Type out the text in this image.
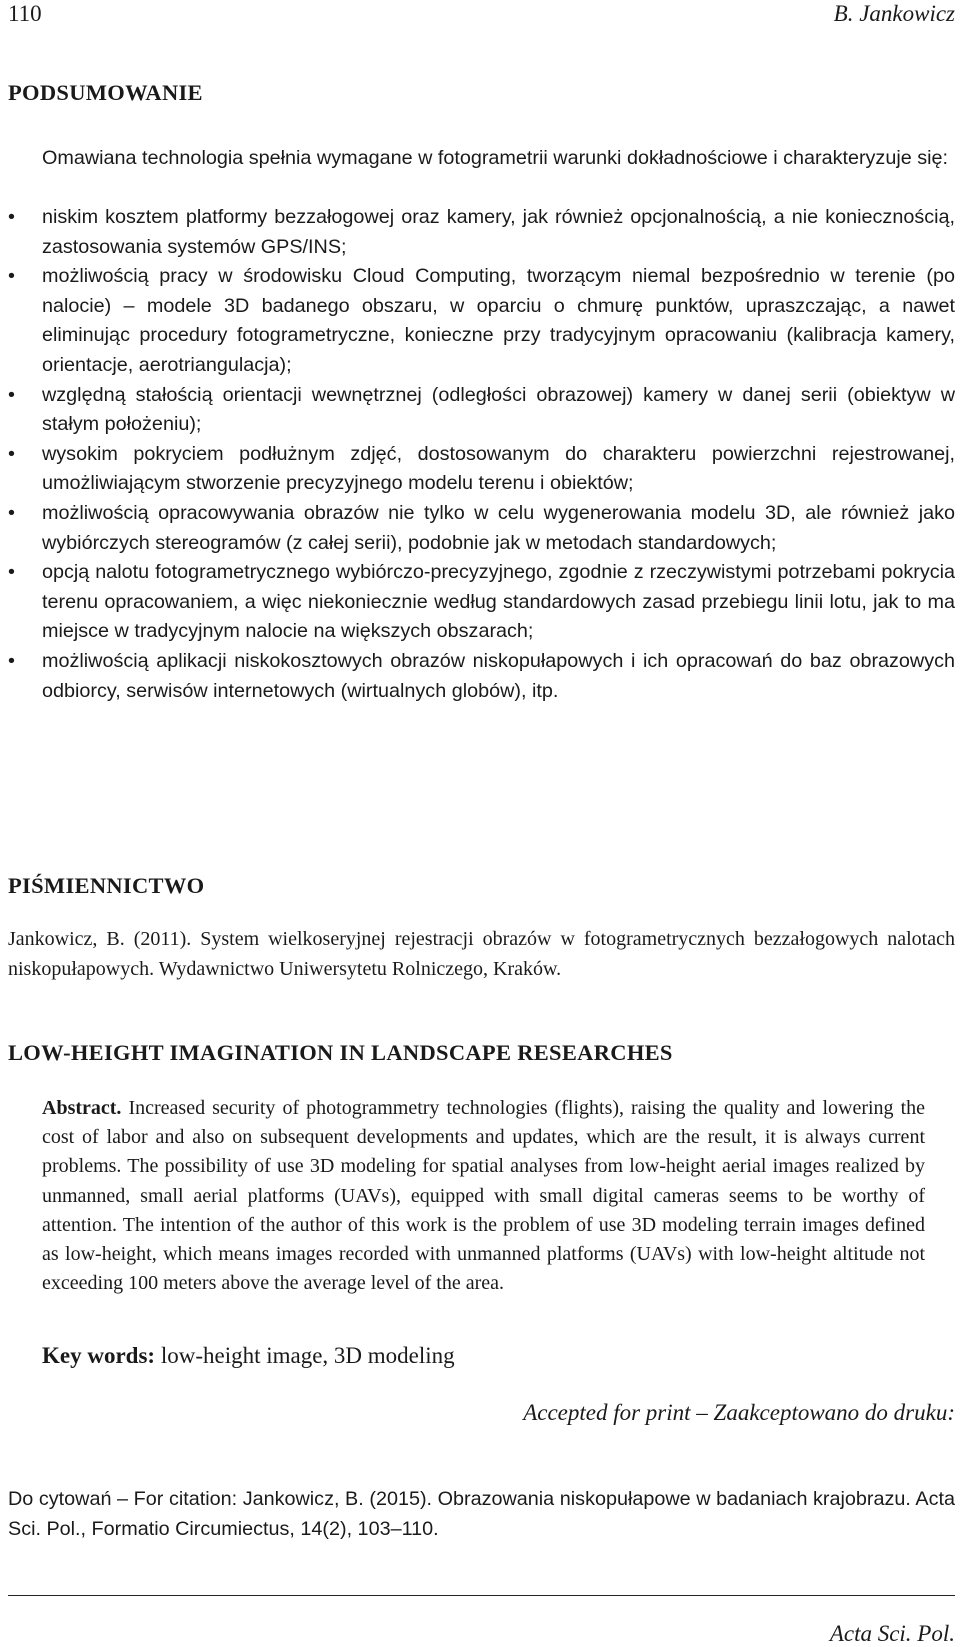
110	B. Jankowicz
PODSUMOWANIE

Omawiana technologia spełnia wymagane w fotogrametrii warunki dokładnościowe i charakteryzuje się:

•	niskim kosztem platformy bezzałogowej oraz kamery, jak również opcjonalnością, a nie koniecznością, zastosowania systemów GPS/INS;
•	możliwością pracy w środowisku Cloud Computing, tworzącym niemal bezpośrednio w terenie (po nalocie) – modele 3D badanego obszaru, w oparciu o chmurę punktów, upraszczając, a nawet eliminując procedury fotogrametryczne, konieczne przy tradycyjnym opracowaniu (kalibracja kamery, orientacje, aerotriangulacja);
•	względną stałością orientacji wewnętrznej (odległości obrazowej) kamery w danej serii (obiektyw w stałym położeniu);
•	wysokim pokryciem podłużnym zdjęć, dostosowanym do charakteru powierzchni rejestrowanej, umożliwiającym stworzenie precyzyjnego modelu terenu i obiektów;
•	możliwością opracowywania obrazów nie tylko w celu wygenerowania modelu 3D, ale również jako wybiórczych stereogramów (z całej serii), podobnie jak w metodach standardowych;
•	opcją nalotu fotogrametrycznego wybiórczo-precyzyjnego, zgodnie z rzeczywistymi potrzebami pokrycia terenu opracowaniem, a więc niekoniecznie według standardowych zasad przebiegu linii lotu, jak to ma miejsce w tradycyjnym nalocie na większych obszarach;
•	możliwością aplikacji niskokosztowych obrazów niskopułapowych i ich opracowań do baz obrazowych odbiorcy, serwisów internetowych (wirtualnych globów), itp.
PIŚMIENNICTWO

Jankowicz, B. (2011). System wielkoseryjnej rejestracji obrazów w fotogrametrycznych bezzałogowych nalotach niskopułapowych. Wydawnictwo Uniwersytetu Rolniczego, Kraków.

LOW-HEIGHT IMAGINATION IN LANDSCAPE RESEARCHES

Abstract. Increased security of photogrammetry technologies (flights), raising the quality and lowering the cost of labor and also on subsequent developments and updates, which are the result, it is always current problems. The possibility of use 3D modeling for spatial analyses from low-height aerial images realized by unmanned, small aerial platforms (UAVs), equipped with small digital cameras seems to be worthy of attention. The intention of the author of this work is the problem of use 3D modeling terrain images defined as low-height, which means images recorded with unmanned platforms (UAVs) with low-height altitude not exceeding 100 meters above the average level of the area.

Key words: low-height image, 3D modeling
Accepted for print – Zaakceptowano do druku:

Do cytowań – For citation: Jankowicz, B. (2015). Obrazowania niskopułapowe w badaniach krajobrazu. Acta Sci. Pol., Formatio Circumiectus, 14(2), 103–110.

Acta Sci. Pol.
